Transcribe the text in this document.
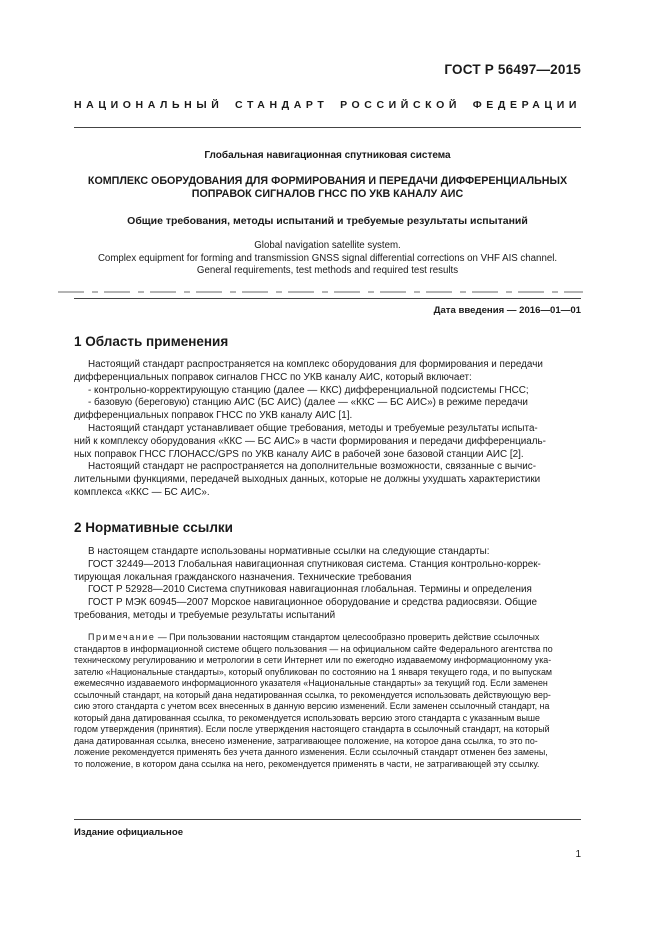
ГОСТ Р 56497—2015
НАЦИОНАЛЬНЫЙ СТАНДАРТ РОССИЙСКОЙ ФЕДЕРАЦИИ
Глобальная навигационная спутниковая система
КОМПЛЕКС ОБОРУДОВАНИЯ ДЛЯ ФОРМИРОВАНИЯ И ПЕРЕДАЧИ ДИФФЕРЕНЦИАЛЬНЫХ
ПОПРАВОК СИГНАЛОВ ГНСС ПО УКВ КАНАЛУ АИС
Общие требования, методы испытаний и требуемые результаты испытаний
Global navigation satellite system.
Complex equipment for forming and transmission GNSS signal differential corrections on VHF AIS channel.
General requirements, test methods and required test results
Дата введения — 2016—01—01
1 Область применения
Настоящий стандарт распространяется на комплекс оборудования для формирования и передачи
дифференциальных поправок сигналов ГНСС по УКВ каналу АИС, который включает:
- контрольно-корректирующую станцию (далее — ККС) дифференциальной подсистемы ГНСС;
- базовую (береговую) станцию АИС (БС АИС) (далее — «ККС — БС АИС») в режиме передачи
дифференциальных поправок ГНСС по УКВ каналу АИС [1].
Настоящий стандарт устанавливает общие требования, методы и требуемые результаты испыта-
ний к комплексу оборудования «ККС — БС АИС» в части формирования и передачи дифференциаль-
ных поправок ГНСС ГЛОНАСС/GPS по УКВ каналу АИС в рабочей зоне базовой станции АИС [2].
Настоящий стандарт не распространяется на дополнительные возможности, связанные с вычис-
лительными функциями, передачей выходных данных, которые не должны ухудшать характеристики
комплекса «ККС — БС АИС».
2 Нормативные ссылки
В настоящем стандарте использованы нормативные ссылки на следующие стандарты:
ГОСТ 32449—2013 Глобальная навигационная спутниковая система. Станция контрольно-коррек-
тирующая локальная гражданского назначения. Технические требования
ГОСТ Р 52928—2010 Система спутниковая навигационная глобальная. Термины и определения
ГОСТ Р МЭК 60945—2007 Морское навигационное оборудование и средства радиосвязи. Общие
требования, методы и требуемые результаты испытаний
Примечание — При пользовании настоящим стандартом целесообразно проверить действие ссылочных
стандартов в информационной системе общего пользования — на официальном сайте Федерального агентства по
техническому регулированию и метрологии в сети Интернет или по ежегодно издаваемому информационному ука-
зателю «Национальные стандарты», который опубликован по состоянию на 1 января текущего года, и по выпускам
ежемесячно издаваемого информационного указателя «Национальные стандарты» за текущий год. Если заменен
ссылочный стандарт, на который дана недатированная ссылка, то рекомендуется использовать действующую вер-
сию этого стандарта с учетом всех внесенных в данную версию изменений. Если заменен ссылочный стандарт, на
который дана датированная ссылка, то рекомендуется использовать версию этого стандарта с указанным выше
годом утверждения (принятия). Если после утверждения настоящего стандарта в ссылочный стандарт, на который
дана датированная ссылка, внесено изменение, затрагивающее положение, на которое дана ссылка, то это по-
ложение рекомендуется применять без учета данного изменения. Если ссылочный стандарт отменен без замены,
то положение, в котором дана ссылка на него, рекомендуется применять в части, не затрагивающей эту ссылку.
Издание официальное
1
